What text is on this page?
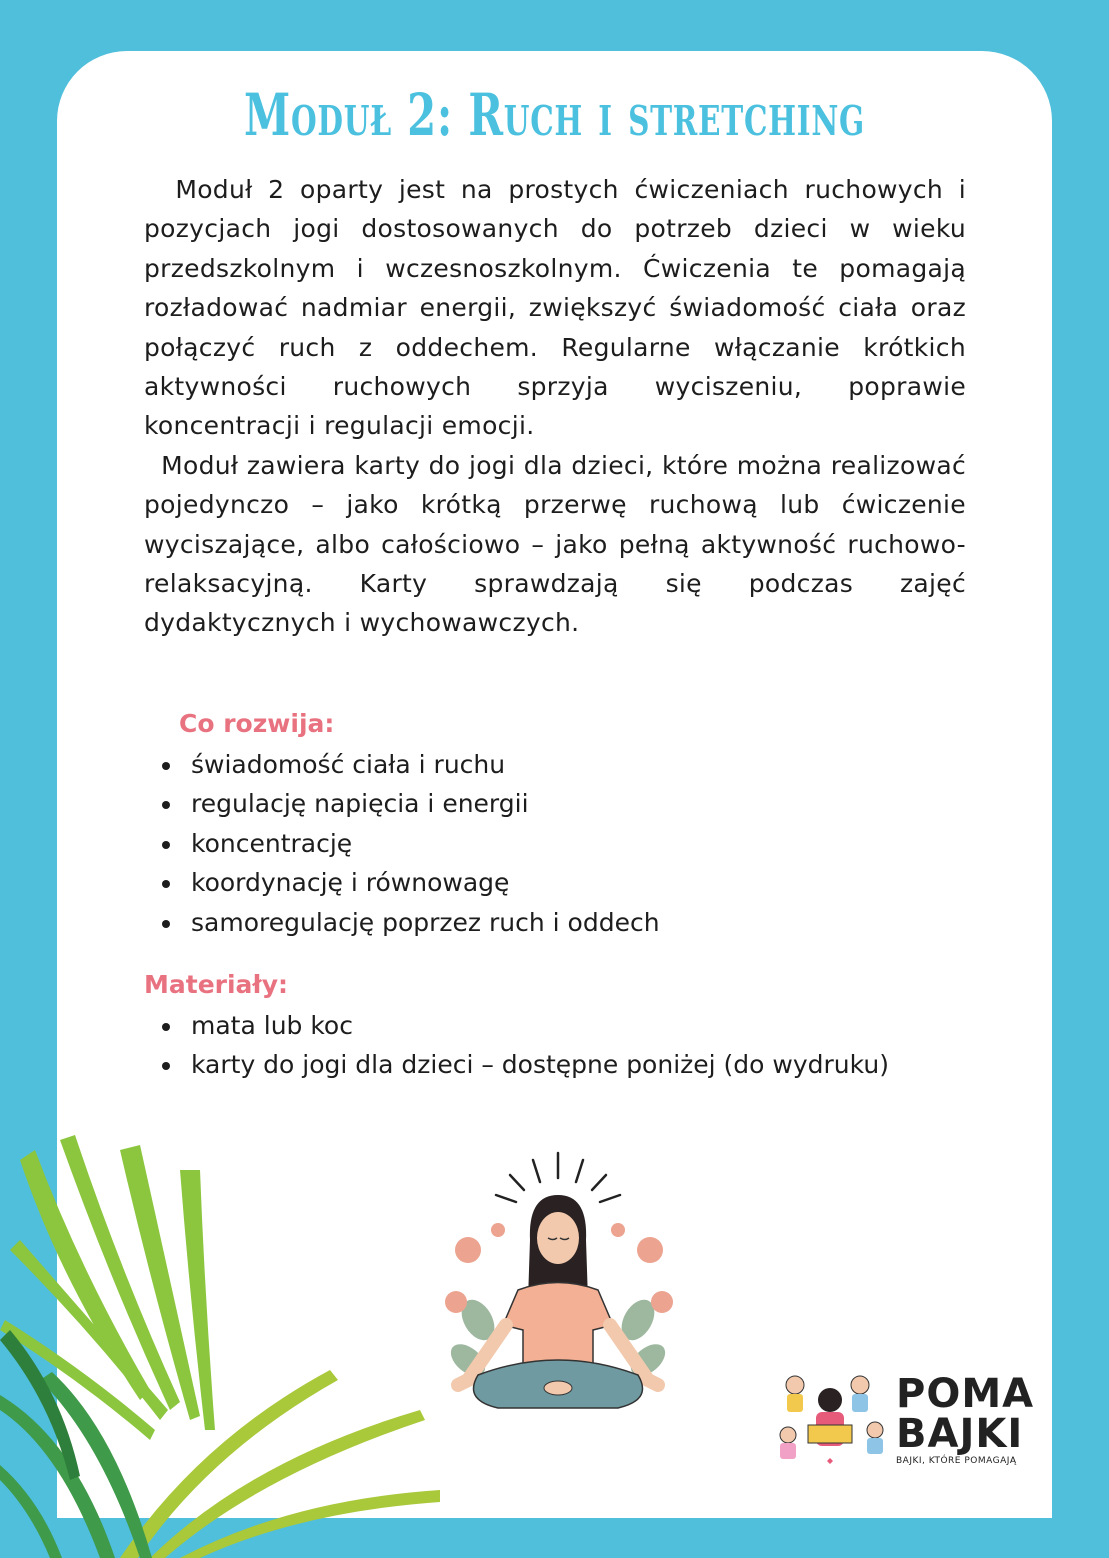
Moduł 2: Ruch i stretching

Moduł 2 oparty jest na prostych ćwiczeniach ruchowych i pozycjach jogi dostosowanych do potrzeb dzieci w wieku przedszkolnym i wczesnoszkolnym. Ćwiczenia te pomagają rozładować nadmiar energii, zwiększyć świadomość ciała oraz połączyć ruch z oddechem. Regularne włączanie krótkich aktywności ruchowych sprzyja wyciszeniu, poprawie koncentracji i regulacji emocji.

Moduł zawiera karty do jogi dla dzieci, które można realizować pojedynczo – jako krótką przerwę ruchową lub ćwiczenie wyciszające, albo całościowo – jako pełną aktywność ruchowo-relaksacyjną. Karty sprawdzają się podczas zajęć dydaktycznych i wychowawczych.

Co rozwija:
świadomość ciała i ruchu
regulację napięcia i energii
koncentrację
koordynację i równowagę
samoregulację poprzez ruch i oddech
Materiały:
mata lub koc
karty do jogi dla dzieci – dostępne poniżej (do wydruku)
POMA
BAJKI
BAJKI, KTÓRE POMAGAJĄ
